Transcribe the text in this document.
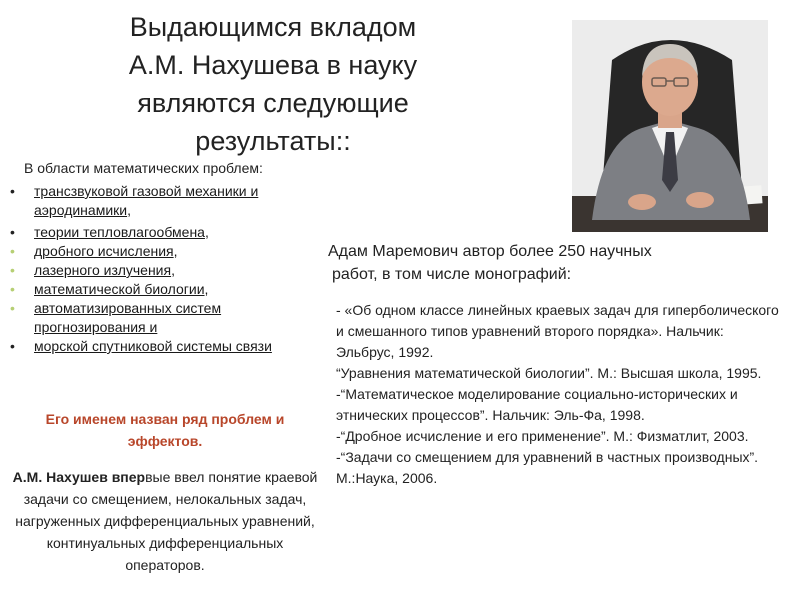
Выдающимся вкладом
А.М. Нахушева в науку
являются следующие
результаты::
В области математических проблем:
• трансзвуковой газовой механики и аэродинамики,
• теории тепловлагообмена,
• дробного исчисления,
• лазерного излучения,
• математической биологии,
• автоматизированных систем прогнозирования и
• морской спутниковой системы связи
Его именем назван ряд проблем и эффектов.
А.М. Нахушев впервые ввел понятие краевой задачи со смещением, нелокальных задач, нагруженных дифференциальных уравнений, континуальных дифференциальных операторов.
Адам Маремович автор более 250 научных
работ, в том числе монографий:
- «Об одном классе линейных краевых задач для гиперболического и смешанного типов уравнений второго порядка». Нальчик: Эльбрус, 1992.
“Уравнения математической биологии”. М.: Высшая школа, 1995.
-“Математическое моделирование социально-исторических и этнических процессов”. Нальчик: Эль-Фа, 1998.
-“Дробное исчисление и его применение”. М.: Физматлит, 2003.
-“Задачи со смещением для уравнений в частных производных”. М.:Наука, 2006.
